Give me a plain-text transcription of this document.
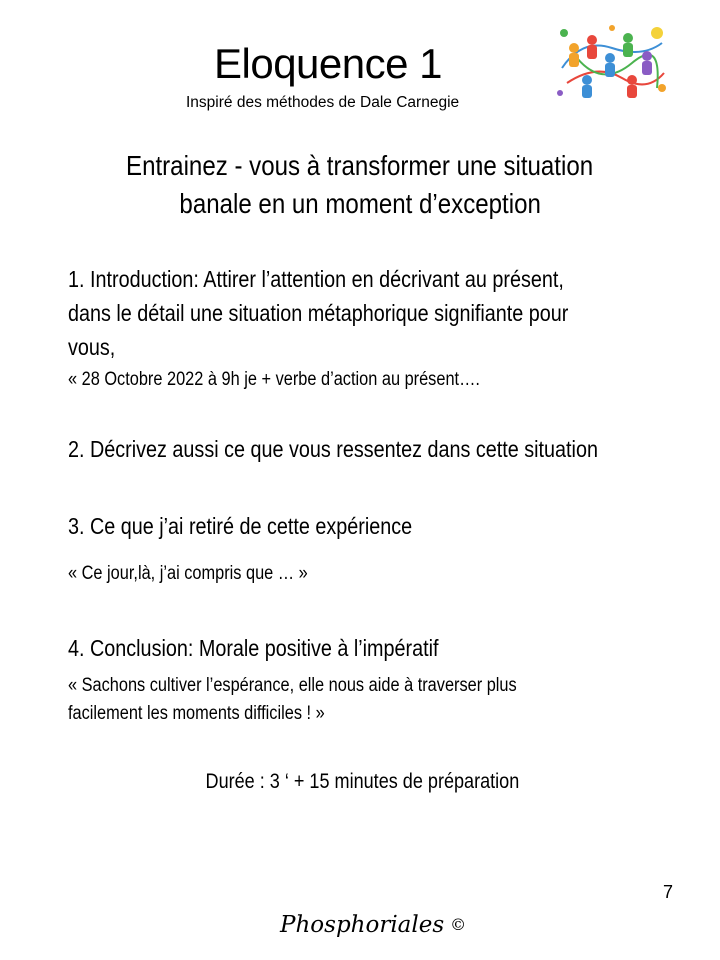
Eloquence 1
Inspiré des méthodes de Dale Carnegie
Entrainez - vous à transformer une situation
banale en un moment d’exception
1. Introduction: Attirer l’attention en décrivant au présent,
dans le détail une situation métaphorique signifiante pour
vous,
« 28 Octobre 2022 à 9h je + verbe d’action au présent….
2. Décrivez aussi ce que vous ressentez dans cette situation
3. Ce que j’ai retiré de cette expérience
« Ce jour,là, j’ai compris que … »
4. Conclusion: Morale positive à l’impératif
« Sachons cultiver l’espérance, elle nous aide à traverser plus
facilement les moments difficiles ! »
Durée : 3 ‘ + 15 minutes de préparation
7
Phosphoriales ©
